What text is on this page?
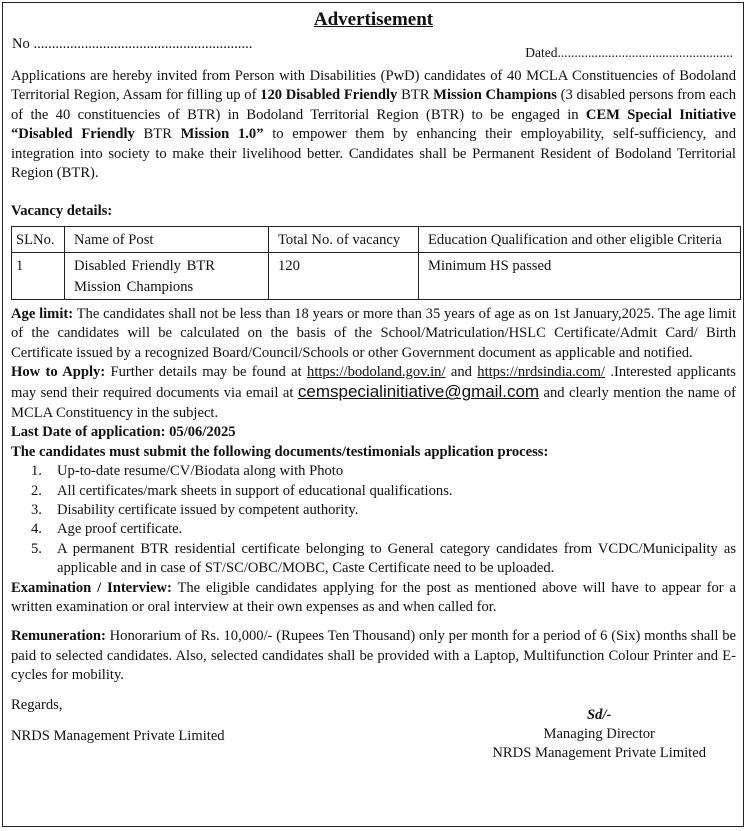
Advertisement
No ............................................................
Dated....................................................
Applications are hereby invited from Person with Disabilities (PwD) candidates of 40 MCLA Constituencies of Bodoland Territorial Region, Assam for filling up of 120 Disabled Friendly BTR Mission Champions (3 disabled persons from each of the 40 constituencies of BTR) in Bodoland Territorial Region (BTR) to be engaged in CEM Special Initiative “Disabled Friendly BTR Mission 1.0” to empower them by enhancing their employability, self-sufficiency, and integration into society to make their livelihood better. Candidates shall be Permanent Resident of Bodoland Territorial Region (BTR).
Vacancy details:
SLNo.	Name of Post	Total No. of vacancy	Education Qualification and other eligible Criteria
1	Disabled Friendly BTR Mission Champions	120	Minimum HS passed
Age limit: The candidates shall not be less than 18 years or more than 35 years of age as on 1st January,2025. The age limit of the candidates will be calculated on the basis of the School/Matriculation/HSLC Certificate/Admit Card/ Birth Certificate issued by a recognized Board/Council/Schools or other Government document as applicable and notified.
How to Apply: Further details may be found at https://bodoland.gov.in/ and https://nrdsindia.com/ .Interested applicants may send their required documents via email at cemspecialinitiative@gmail.com and clearly mention the name of MCLA Constituency in the subject.
Last Date of application: 05/06/2025
The candidates must submit the following documents/testimonials application process:
1.	Up-to-date resume/CV/Biodata along with Photo
2.	All certificates/mark sheets in support of educational qualifications.
3.	Disability certificate issued by competent authority.
4.	Age proof certificate.
5.	A permanent BTR residential certificate belonging to General category candidates from VCDC/Municipality as applicable and in case of ST/SC/OBC/MOBC, Caste Certificate need to be uploaded.
Examination / Interview: The eligible candidates applying for the post as mentioned above will have to appear for a written examination or oral interview at their own expenses as and when called for.
Remuneration: Honorarium of Rs. 10,000/- (Rupees Ten Thousand) only per month for a period of 6 (Six) months shall be paid to selected candidates. Also, selected candidates shall be provided with a Laptop, Multifunction Colour Printer and E-cycles for mobility.
Regards,
NRDS Management Private Limited
Sd/-
Managing Director
NRDS Management Private Limited
